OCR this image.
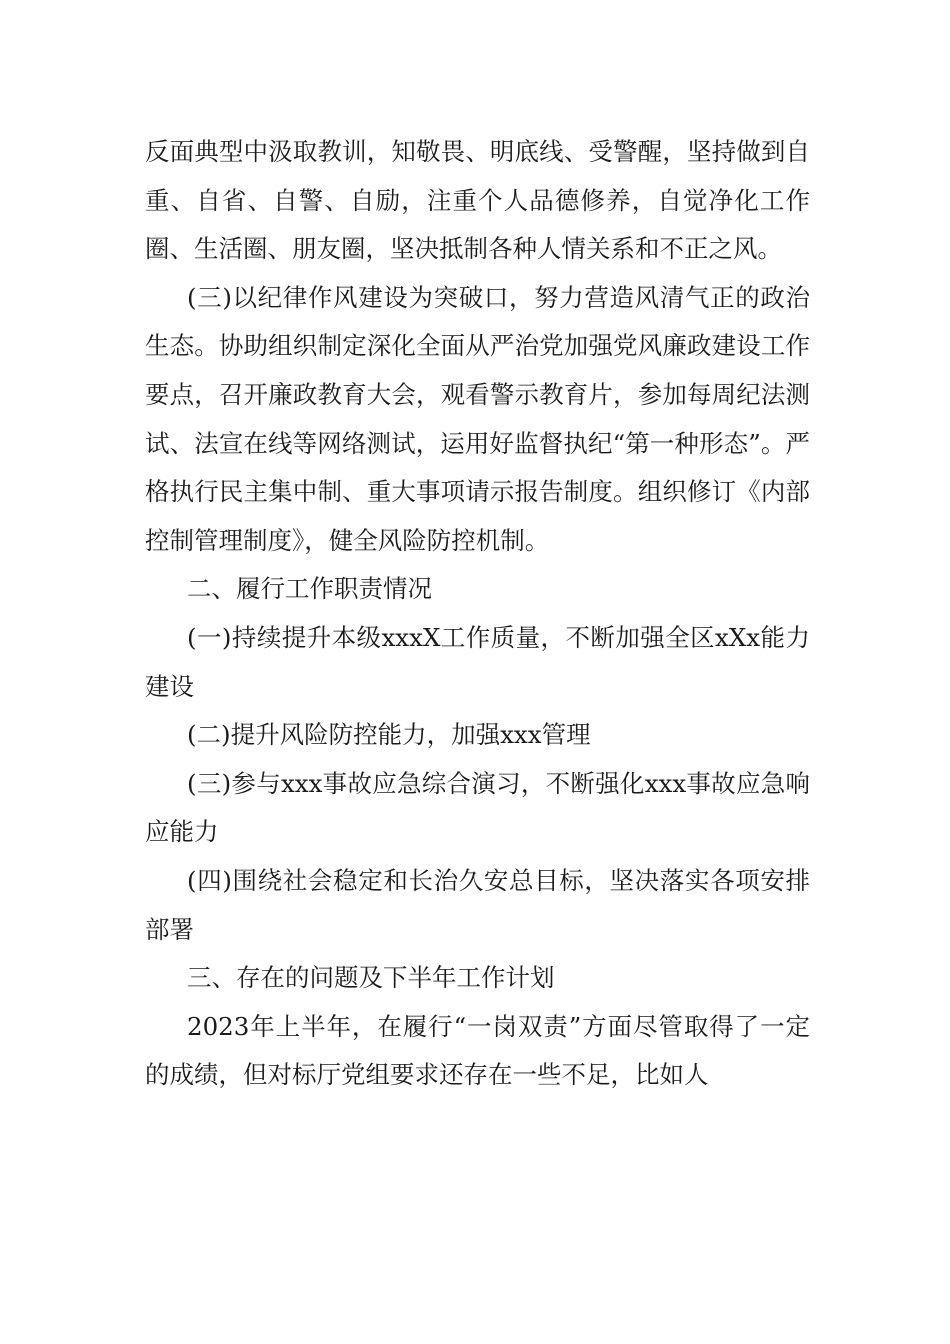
反面典型中汲取教训，知敬畏、明底线、受警醒，坚持做到自重、自省、自警、自励，注重个人品德修养，自觉净化工作圈、生活圈、朋友圈，坚决抵制各种人情关系和不正之风。

(三)以纪律作风建设为突破口，努力营造风清气正的政治生态。协助组织制定深化全面从严治党加强党风廉政建设工作要点，召开廉政教育大会，观看警示教育片，参加每周纪法测试、法宣在线等网络测试，运用好监督执纪“第一种形态”。严格执行民主集中制、重大事项请示报告制度。组织修订《内部控制管理制度》，健全风险防控机制。

二、履行工作职责情况

(一)持续提升本级xxxX工作质量，不断加强全区xXx能力建设

(二)提升风险防控能力，加强xxx管理

(三)参与xxx事故应急综合演习，不断强化xxx事故应急响应能力

(四)围绕社会稳定和长治久安总目标，坚决落实各项安排部署

三、存在的问题及下半年工作计划

2023年上半年，在履行“一岗双责”方面尽管取得了一定的成绩，但对标厅党组要求还存在一些不足，比如人
